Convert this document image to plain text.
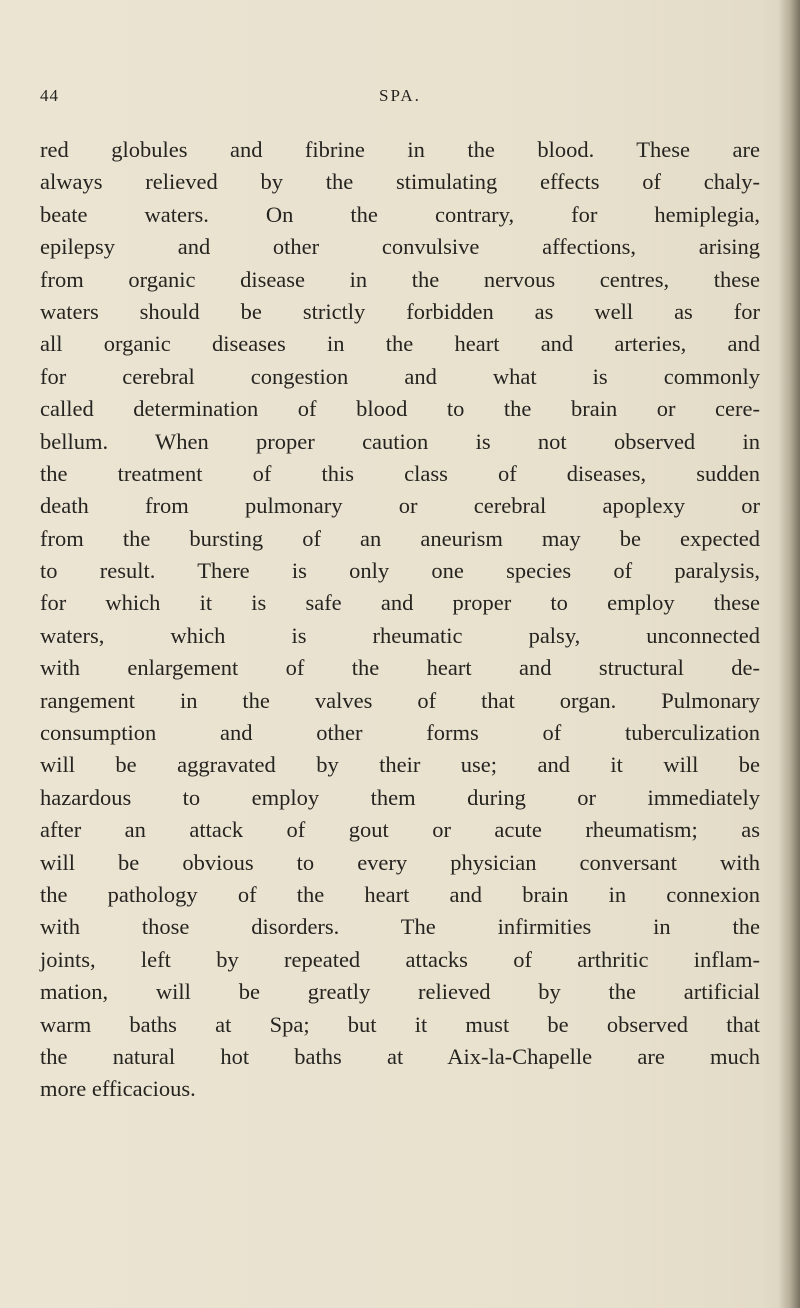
44	SPA.

red globules and fibrine in the blood. These are
always relieved by the stimulating effects of chaly-
beate waters. On the contrary, for hemiplegia,
epilepsy and other convulsive affections, arising
from organic disease in the nervous centres, these
waters should be strictly forbidden as well as for
all organic diseases in the heart and arteries, and
for cerebral congestion and what is commonly
called determination of blood to the brain or cere-
bellum. When proper caution is not observed in
the treatment of this class of diseases, sudden
death from pulmonary or cerebral apoplexy or
from the bursting of an aneurism may be expected
to result. There is only one species of paralysis,
for which it is safe and proper to employ these
waters, which is rheumatic palsy, unconnected
with enlargement of the heart and structural de-
rangement in the valves of that organ. Pulmonary
consumption and other forms of tuberculization
will be aggravated by their use; and it will be
hazardous to employ them during or immediately
after an attack of gout or acute rheumatism; as
will be obvious to every physician conversant with
the pathology of the heart and brain in connexion
with those disorders. The infirmities in the
joints, left by repeated attacks of arthritic inflam-
mation, will be greatly relieved by the artificial
warm baths at Spa; but it must be observed that
the natural hot baths at Aix-la-Chapelle are much
more efficacious.
